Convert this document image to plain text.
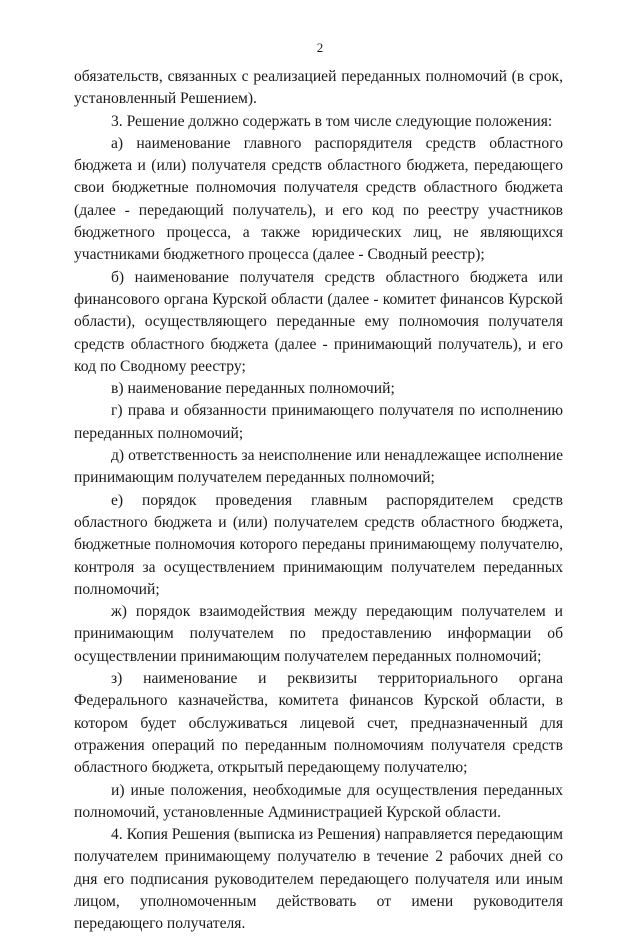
2

обязательств, связанных с реализацией переданных полномочий (в срок, установленный Решением).

3. Решение должно содержать в том числе следующие положения:

а) наименование главного распорядителя средств областного бюджета и (или) получателя средств областного бюджета, передающего свои бюджетные полномочия получателя средств областного бюджета (далее - передающий получатель), и его код по реестру участников бюджетного процесса, а также юридических лиц, не являющихся участниками бюджетного процесса (далее - Сводный реестр);

б) наименование получателя средств областного бюджета или финансового органа Курской области (далее - комитет финансов Курской области), осуществляющего переданные ему полномочия получателя средств областного бюджета (далее - принимающий получатель), и его код по Сводному реестру;

в) наименование переданных полномочий;

г) права и обязанности принимающего получателя по исполнению переданных полномочий;

д) ответственность за неисполнение или ненадлежащее исполнение принимающим получателем переданных полномочий;

е) порядок проведения главным распорядителем средств областного бюджета и (или) получателем средств областного бюджета, бюджетные полномочия которого переданы принимающему получателю, контроля за осуществлением принимающим получателем переданных полномочий;

ж) порядок взаимодействия между передающим получателем и принимающим получателем по предоставлению информации об осуществлении принимающим получателем переданных полномочий;

з) наименование и реквизиты территориального органа Федерального казначейства, комитета финансов Курской области, в котором будет обслуживаться лицевой счет, предназначенный для отражения операций по переданным полномочиям получателя средств областного бюджета, открытый передающему получателю;

и) иные положения, необходимые для осуществления переданных полномочий, установленные Администрацией Курской области.

4. Копия Решения (выписка из Решения) направляется передающим получателем принимающему получателю в течение 2 рабочих дней со дня его подписания руководителем передающего получателя или иным лицом, уполномоченным действовать от имени руководителя передающего получателя.
